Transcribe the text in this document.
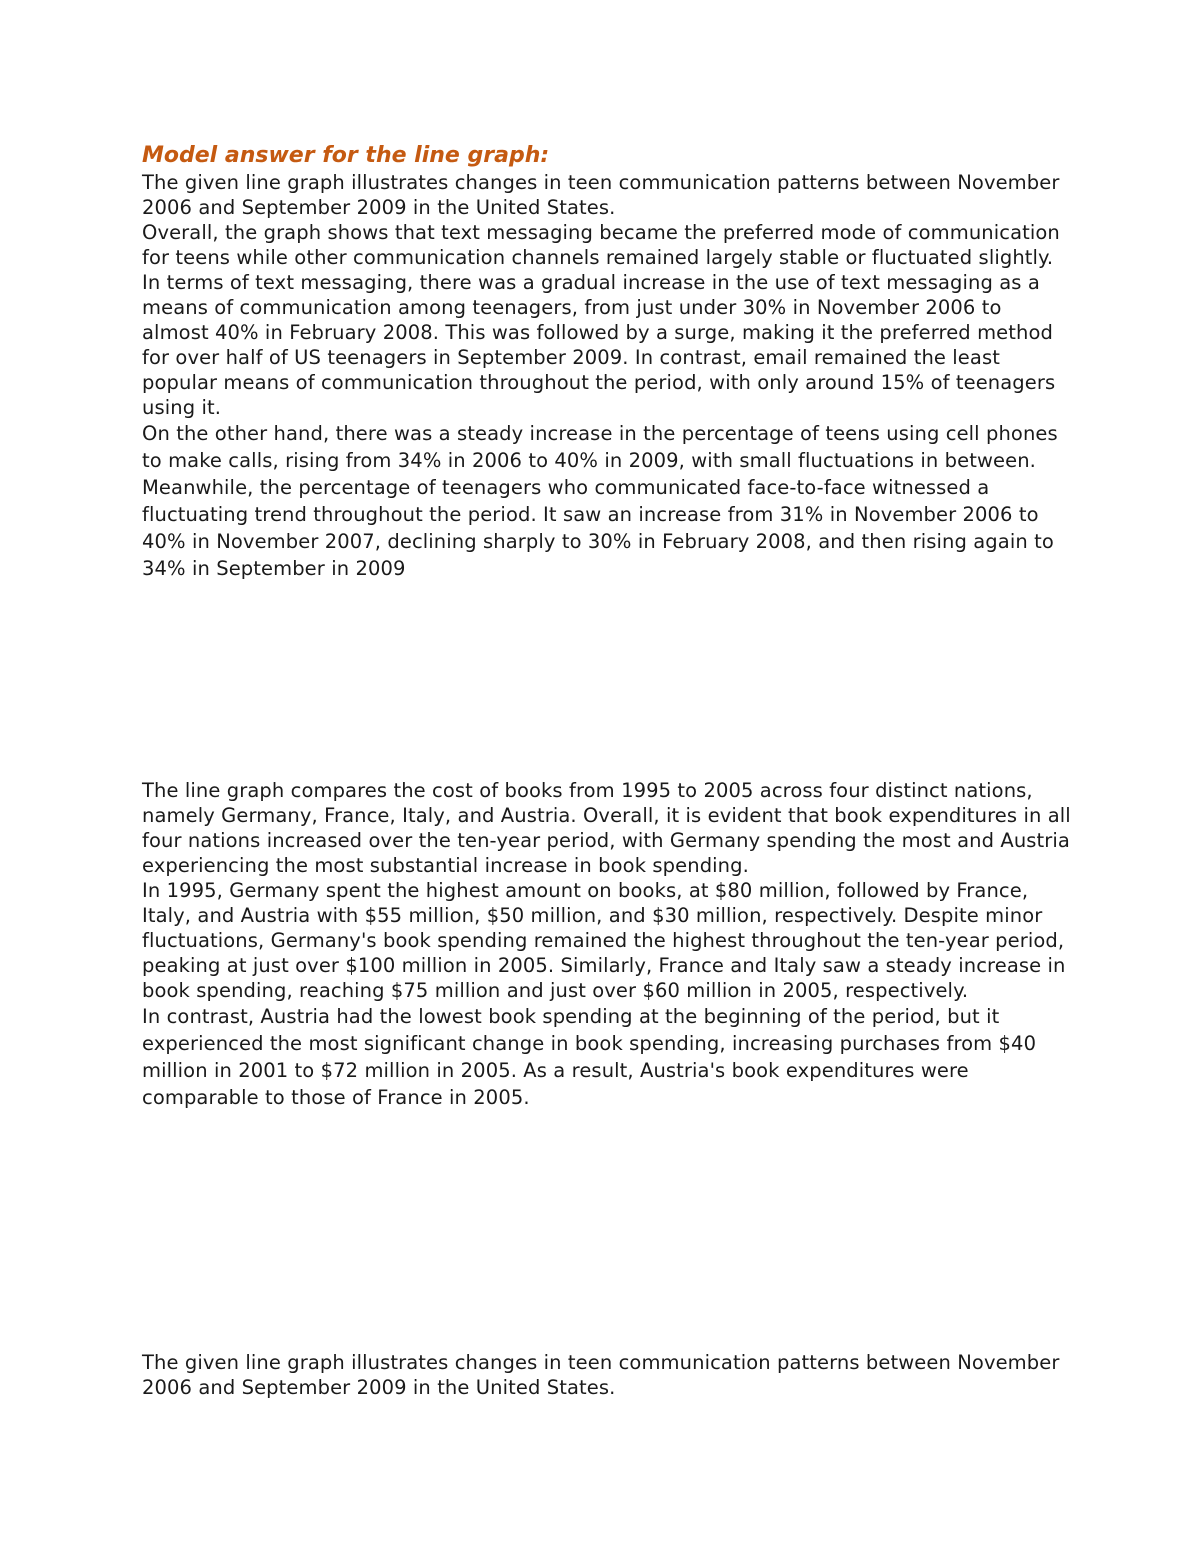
Model answer for the line graph:

The given line graph illustrates changes in teen communication patterns between November 2006 and September 2009 in the United States.

Overall, the graph shows that text messaging became the preferred mode of communication for teens while other communication channels remained largely stable or fluctuated slightly.

In terms of text messaging, there was a gradual increase in the use of text messaging as a means of communication among teenagers, from just under 30% in November 2006 to almost 40% in February 2008. This was followed by a surge, making it the preferred method for over half of US teenagers in September 2009. In contrast, email remained the least popular means of communication throughout the period, with only around 15% of teenagers using it.

On the other hand, there was a steady increase in the percentage of teens using cell phones to make calls, rising from 34% in 2006 to 40% in 2009, with small fluctuations in between. Meanwhile, the percentage of teenagers who communicated face-to-face witnessed a fluctuating trend throughout the period. It saw an increase from 31% in November 2006 to 40% in November 2007, declining sharply to 30% in February 2008, and then rising again to 34% in September in 2009

The line graph compares the cost of books from 1995 to 2005 across four distinct nations, namely Germany, France, Italy, and Austria. Overall, it is evident that book expenditures in all four nations increased over the ten-year period, with Germany spending the most and Austria experiencing the most substantial increase in book spending.

In 1995, Germany spent the highest amount on books, at $80 million, followed by France, Italy, and Austria with $55 million, $50 million, and $30 million, respectively. Despite minor fluctuations, Germany's book spending remained the highest throughout the ten-year period, peaking at just over $100 million in 2005. Similarly, France and Italy saw a steady increase in book spending, reaching $75 million and just over $60 million in 2005, respectively.

In contrast, Austria had the lowest book spending at the beginning of the period, but it experienced the most significant change in book spending, increasing purchases from $40 million in 2001 to $72 million in 2005. As a result, Austria's book expenditures were comparable to those of France in 2005.

The given line graph illustrates changes in teen communication patterns between November 2006 and September 2009 in the United States.
